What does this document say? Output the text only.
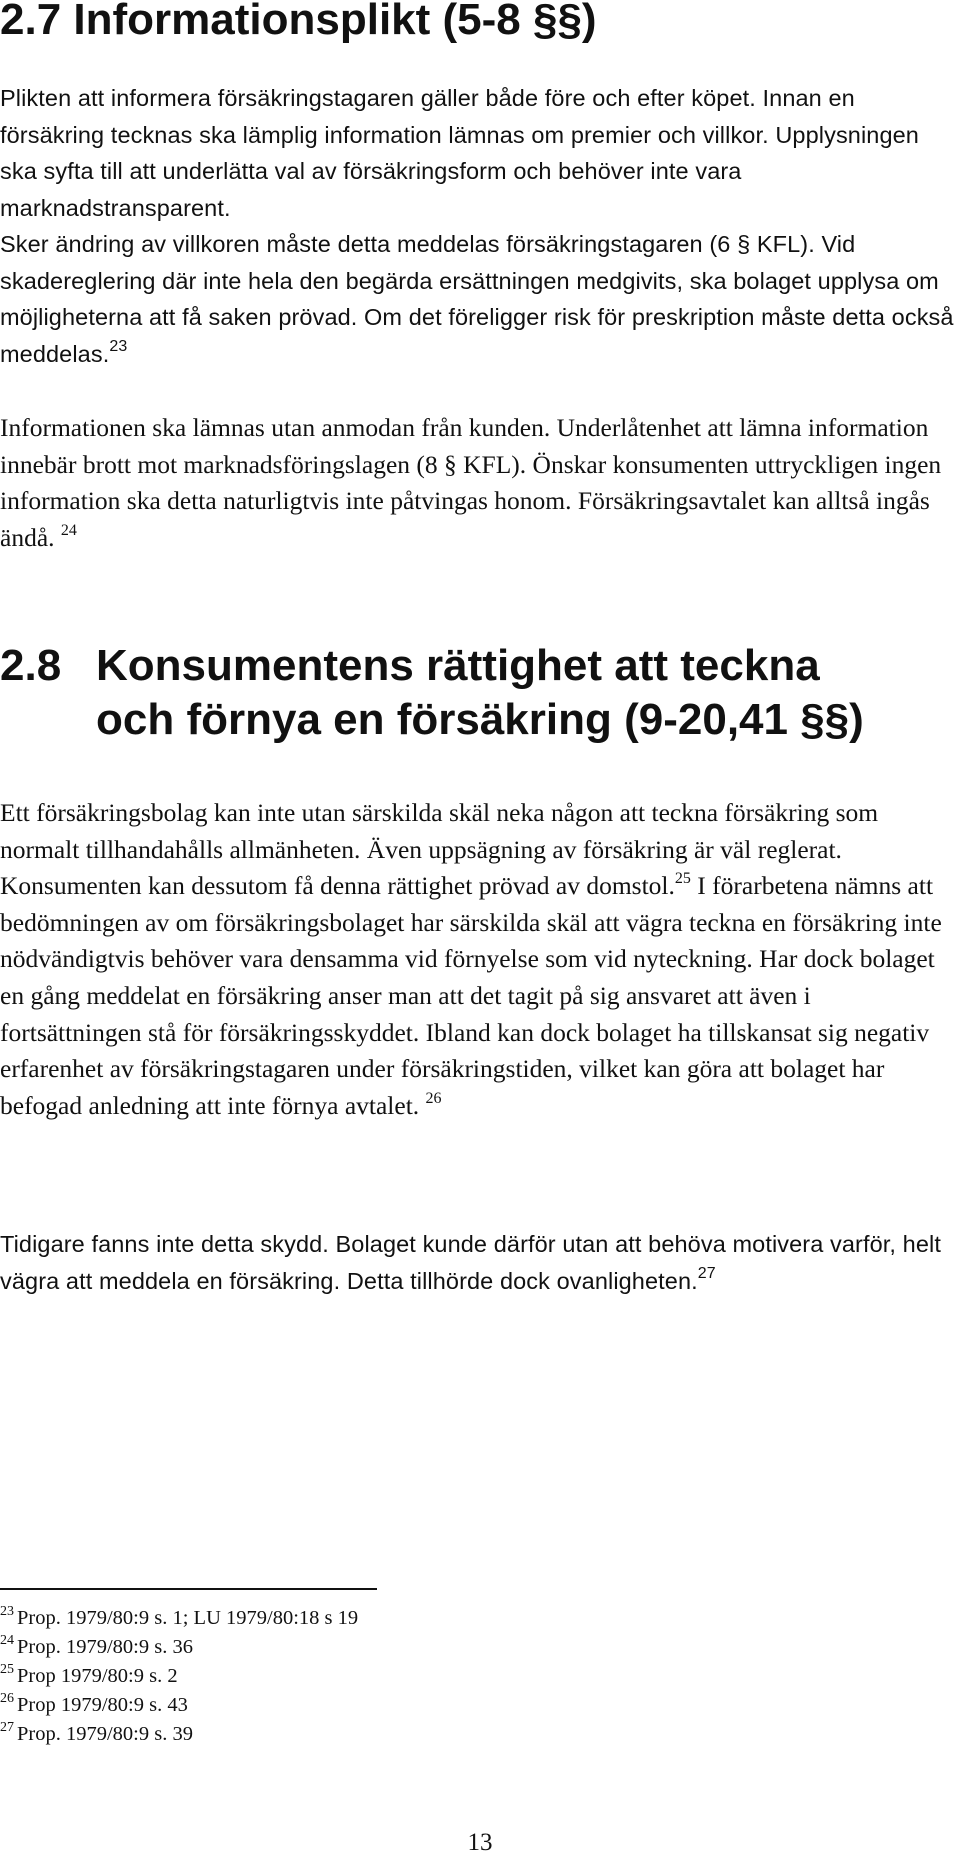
2.7 Informationsplikt (5-8 §§)

Plikten att informera försäkringstagaren gäller både före och efter köpet. Innan en försäkring tecknas ska lämplig information lämnas om premier och villkor. Upplysningen ska syfta till att underlätta val av försäkringsform och behöver inte vara marknadstransparent.

Sker ändring av villkoren måste detta meddelas försäkringstagaren (6 § KFL). Vid skadereglering där inte hela den begärda ersättningen medgivits, ska bolaget upplysa om möjligheterna att få saken prövad. Om det föreligger risk för preskription måste detta också meddelas.$^{23}$

Informationen ska lämnas utan anmodan från kunden. Underlåtenhet att lämna information innebär brott mot marknadsföringslagen (8 § KFL). Önskar konsumenten uttryckligen ingen information ska detta naturligtvis inte påtvingas honom. Försäkringsavtalet kan alltså ingås ändå. $^{24}$

2.8 Konsumentens rättighet att teckna
och förnya en försäkring (9-20,41 §§)

Ett försäkringsbolag kan inte utan särskilda skäl neka någon att teckna försäkring som normalt tillhandahålls allmänheten. Även uppsägning av försäkring är väl reglerat. Konsumenten kan dessutom få denna rättighet prövad av domstol.$^{25}$ I förarbetena nämns att bedömningen av om försäkringsbolaget har särskilda skäl att vägra teckna en försäkring inte nödvändigtvis behöver vara densamma vid förnyelse som vid nyteckning. Har dock bolaget en gång meddelat en försäkring anser man att det tagit på sig ansvaret att även i fortsättningen stå för försäkringsskyddet. Ibland kan dock bolaget ha tillskansat sig negativ erfarenhet av försäkringstagaren under försäkringstiden, vilket kan göra att bolaget har befogad anledning att inte förnya avtalet. $^{26}$

Tidigare fanns inte detta skydd. Bolaget kunde därför utan att behöva motivera varför, helt vägra att meddela en försäkring. Detta tillhörde dock ovanligheten.$^{27}$

$^{23}$ Prop. 1979/80:9 s. 1; LU 1979/80:18 s 19
$^{24}$ Prop. 1979/80:9 s. 36
$^{25}$ Prop 1979/80:9 s. 2
$^{26}$ Prop 1979/80:9 s. 43
$^{27}$ Prop. 1979/80:9 s. 39
13
